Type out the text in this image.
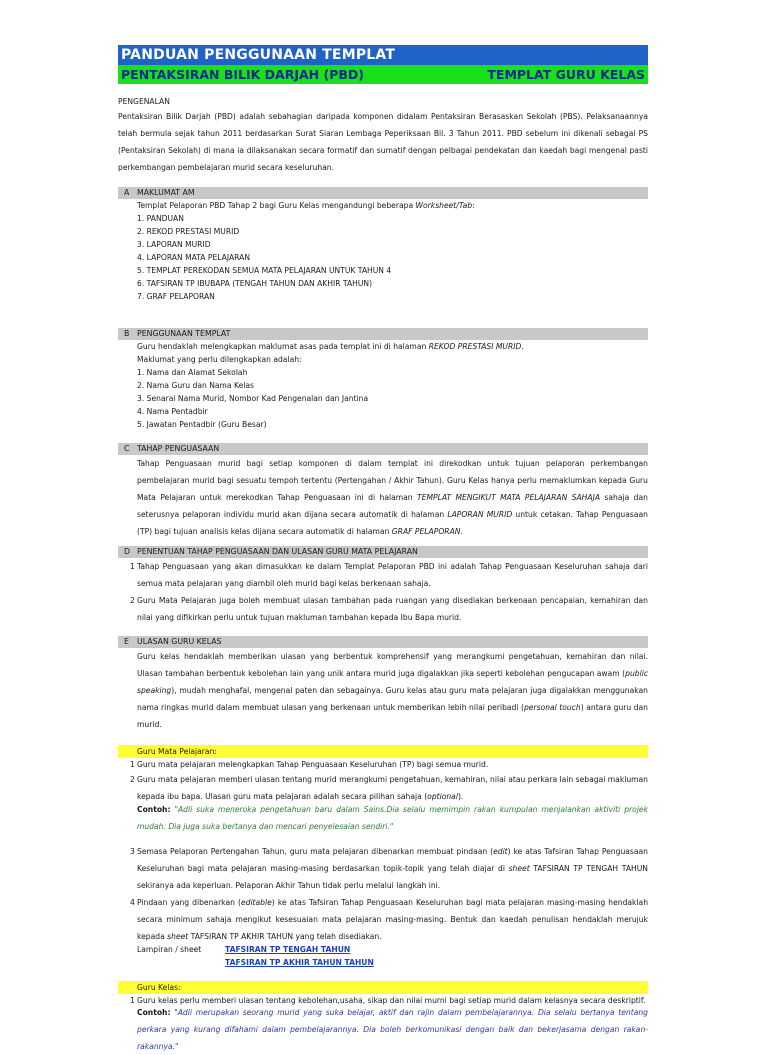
PANDUAN PENGGUNAAN TEMPLAT
PENTAKSIRAN BILIK DARJAH (PBD)	TEMPLAT GURU KELAS

PENGENALAN

Pentaksiran Bilik Darjah (PBD) adalah sebahagian daripada komponen didalam Pentaksiran Berasaskan Sekolah (PBS). Pelaksanaannya telah bermula sejak tahun 2011 berdasarkan Surat Siaran Lembaga Peperiksaan Bil. 3 Tahun 2011. PBD sebelum ini dikenali sebagai PS (Pentaksiran Sekolah) di mana ia dilaksanakan secara formatif dan sumatif dengan pelbagai pendekatan dan kaedah bagi mengenal pasti perkembangan pembelajaran murid secara keseluruhan.

A MAKLUMAT AM

Templat Pelaporan PBD Tahap 2 bagi Guru Kelas mengandungi beberapa Worksheet/Tab:

1. PANDUAN

2. REKOD PRESTASI MURID

3. LAPORAN MURID

4. LAPORAN MATA PELAJARAN

5. TEMPLAT PEREKODAN SEMUA MATA PELAJARAN UNTUK TAHUN 4

6. TAFSIRAN TP IBUBAPA (TENGAH TAHUN DAN AKHIR TAHUN)

7. GRAF PELAPORAN

B PENGGUNAAN TEMPLAT

Guru hendaklah melengkapkan maklumat asas pada templat ini di halaman REKOD PRESTASI MURID.

Maklumat yang perlu dilengkapkan adalah:

1. Nama dan Alamat Sekolah

2. Nama Guru dan Nama Kelas

3. Senarai Nama Murid, Nombor Kad Pengenalan dan Jantina

4. Nama Pentadbir

5. Jawatan Pentadbir (Guru Besar)

C TAHAP PENGUASAAN

Tahap Penguasaan murid bagi setiap komponen di dalam templat ini direkodkan untuk tujuan pelaporan perkembangan pembelajaran murid bagi sesuatu tempoh tertentu (Pertengahan / Akhir Tahun). Guru Kelas hanya perlu memaklumkan kepada Guru Mata Pelajaran untuk merekodkan Tahap Penguasaan ini di halaman TEMPLAT MENGIKUT MATA PELAJARAN SAHAJA sahaja dan seterusnya pelaporan individu murid akan dijana secara automatik di halaman LAPORAN MURID untuk cetakan. Tahap Penguasaan (TP) bagi tujuan analisis kelas dijana secara automatik di halaman GRAF PELAPORAN.

D PENENTUAN TAHAP PENGUASAAN DAN ULASAN GURU MATA PELAJARAN
1 Tahap Penguasaan yang akan dimasukkan ke dalam Templat Pelaporan PBD ini adalah Tahap Penguasaan Keseluruhan sahaja dari semua mata pelajaran yang diambil oleh murid bagi kelas berkenaan sahaja.
2 Guru Mata Pelajaran juga boleh membuat ulasan tambahan pada ruangan yang disediakan berkenaan pencapaian, kemahiran dan nilai yang difikirkan perlu untuk tujuan makluman tambahan kepada Ibu Bapa murid.
E ULASAN GURU KELAS

Guru kelas hendaklah memberikan ulasan yang berbentuk komprehensif yang merangkumi pengetahuan, kemahiran dan nilai. Ulasan tambahan berbentuk kebolehan lain yang unik antara murid juga digalakkan jika seperti kebolehan pengucapan awam (public speaking), mudah menghafal, mengenal paten dan sebagainya. Guru kelas atau guru mata pelajaran juga digalakkan menggunakan nama ringkas murid dalam membuat ulasan yang berkenaan untuk memberikan lebih nilai peribadi (personal touch) antara guru dan murid.

Guru Mata Pelajaran:
1 Guru mata pelajaran melengkapkan Tahap Penguasaan Keseluruhan (TP) bagi semua murid.
2 Guru mata pelajaran memberi ulasan tentang murid merangkumi pengetahuan, kemahiran, nilai atau perkara lain sebagai makluman kepada ibu bapa. Ulasan guru mata pelajaran adalah secara pilihan sahaja (optional).

Contoh: "Adli suka meneroka pengetahuan baru dalam Sains.Dia selalu memimpin rakan kumpulan menjalankan aktiviti projek mudah. Dia juga suka bertanya dan mencari penyelesaian sendiri."

3 Semasa Pelaporan Pertengahan Tahun, guru mata pelajaran dibenarkan membuat pindaan (edit) ke atas Tafsiran Tahap Penguasaan Keseluruhan bagi mata pelajaran masing-masing berdasarkan topik-topik yang telah diajar di sheet TAFSIRAN TP TENGAH TAHUN sekiranya ada keperluan. Pelaporan Akhir Tahun tidak perlu melalui langkah ini.
4 Pindaan yang dibenarkan (editable) ke atas Tafsiran Tahap Penguasaan Keseluruhan bagi mata pelajaran masing-masing hendaklah secara minimum sahaja mengikut kesesuaian mata pelajaran masing-masing. Bentuk dan kaedah penulisan hendaklah merujuk kepada sheet TAFSIRAN TP AKHIR TAHUN yang telah disediakan.
Lampiran / sheet	TAFSIRAN TP TENGAH TAHUN
TAFSIRAN TP AKHIR TAHUN TAHUN
Guru Kelas:
1 Guru kelas perlu memberi ulasan tentang kebolehan,usaha, sikap dan nilai murni bagi setiap murid dalam kelasnya secara deskriptif.

Contoh: "Adli merupakan seorang murid yang suka belajar, aktif dan rajin dalam pembelajarannya. Dia selalu bertanya tentang perkara yang kurang difahami dalam pembelajarannya. Dia boleh berkomunikasi dengan baik dan bekerjasama dengan rakan-rakannya."
